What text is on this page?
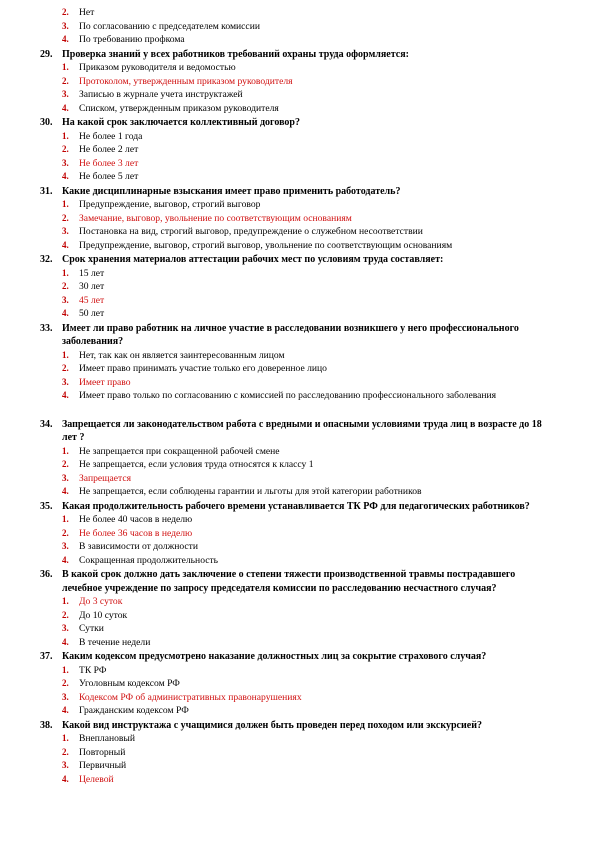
2. Нет
3. По согласованию с председателем комиссии
4. По требованию профкома
29. Проверка знаний у всех работников требований охраны труда оформляется:
1. Приказом руководителя и ведомостью
2. Протоколом, утвержденным приказом руководителя
3. Записью в журнале учета инструктажей
4. Списком, утвержденным приказом руководителя
30. На какой срок заключается коллективный договор?
1. Не более 1 года
2. Не более 2 лет
3. Не более 3 лет
4. Не более 5 лет
31. Какие дисциплинарные взыскания имеет право применить работодатель?
1. Предупреждение, выговор, строгий выговор
2. Замечание, выговор, увольнение по соответствующим основаниям
3. Постановка на вид, строгий выговор, предупреждение о служебном несоответствии
4. Предупреждение, выговор, строгий выговор, увольнение по соответствующим основаниям
32. Срок хранения материалов аттестации рабочих мест по условиям труда составляет:
1. 15 лет
2. 30 лет
3. 45 лет
4. 50 лет
33. Имеет ли право работник на личное участие в расследовании возникшего у него профессионального заболевания?
1. Нет, так как он является заинтересованным лицом
2. Имеет право принимать участие только его доверенное лицо
3. Имеет право
4. Имеет право только по согласованию с комиссией по расследованию профессионального заболевания
34. Запрещается ли законодательством работа с вредными и опасными условиями труда лиц в возрасте до 18 лет ?
1. Не запрещается при сокращенной рабочей смене
2. Не запрещается, если условия труда относятся к классу 1
3. Запрещается
4. Не запрещается, если соблюдены гарантии и льготы для этой категории работников
35. Какая продолжительность рабочего времени устанавливается ТК РФ для педагогических работников?
1. Не более 40 часов в неделю
2. Не более 36 часов в неделю
3. В зависимости от должности
4. Сокращенная продолжительность
36. В какой срок должно дать заключение о степени тяжести производственной травмы пострадавшего лечебное учреждение по запросу председателя комиссии по расследованию несчастного случая?
1. До 3 суток
2. До 10 суток
3. Сутки
4. В течение недели
37. Каким кодексом предусмотрено наказание должностных лиц за сокрытие страхового случая?
1. ТК РФ
2. Уголовным кодексом РФ
3. Кодексом РФ об административных правонарушениях
4. Гражданским кодексом РФ
38. Какой вид инструктажа с учащимися должен быть проведен перед походом или экскурсией?
1. Внеплановый
2. Повторный
3. Первичный
4. Целевой
